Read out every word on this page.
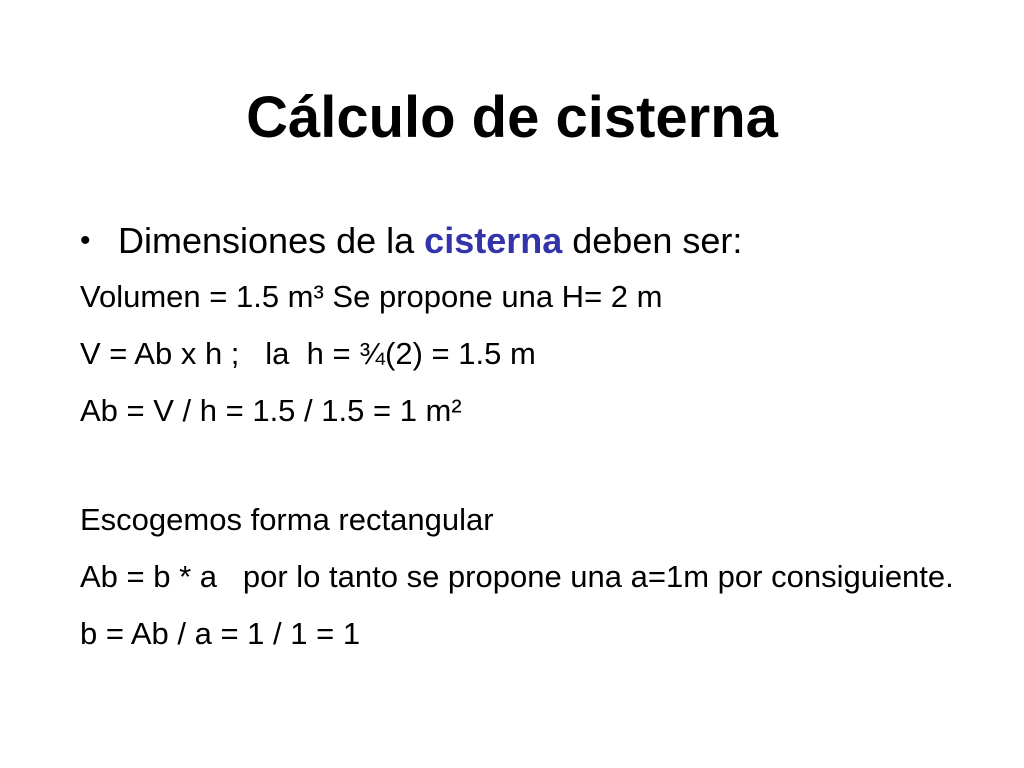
Cálculo de cisterna
• Dimensiones de la cisterna deben ser:
Volumen = 1.5 m³ Se propone una H= 2 m
V = Ab x h ;   la  h = ¾(2) = 1.5 m
Ab = V / h = 1.5 / 1.5 = 1 m²
Escogemos forma rectangular
Ab = b * a   por lo tanto se propone una a=1m por consiguiente.
b = Ab / a = 1 / 1 = 1
